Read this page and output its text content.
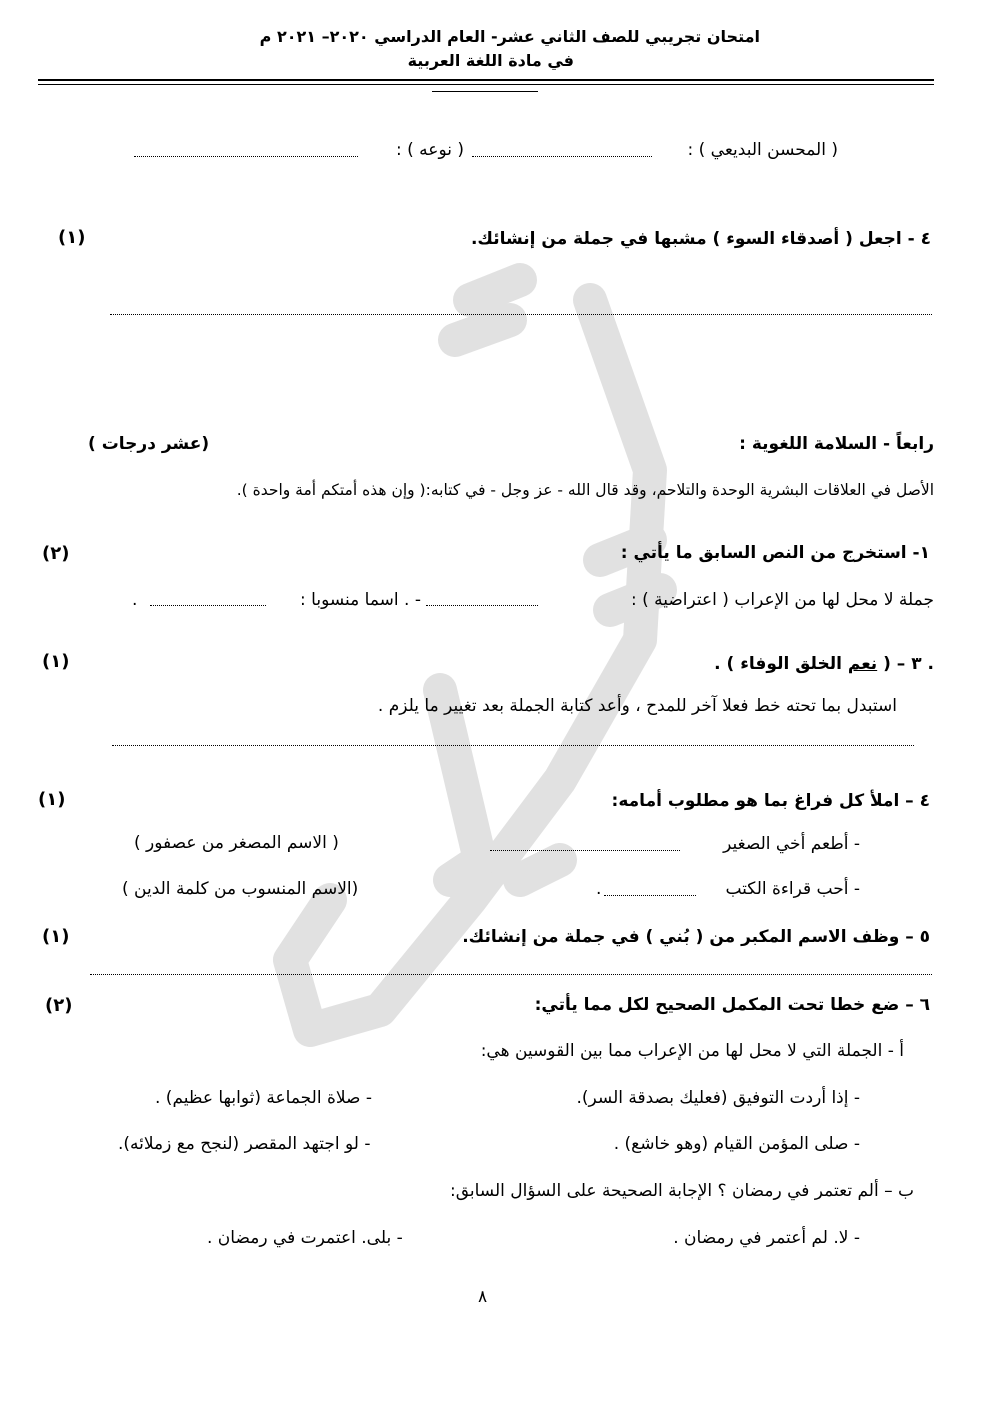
امتحان تجريبي للصف الثاني عشر- العام الدراسي ٢٠٢٠– ٢٠٢١ م
في مادة اللغة العربية
( المحسن البديعي ) :
( نوعه ) :
٤ - اجعل ( أصدقاء السوء ) مشبها في جملة من إنشائك.
(١)
رابعاً - السلامة اللغوية :
(عشر درجات )
الأصل في العلاقات البشرية الوحدة والتلاحم، وقد قال الله - عز وجل - في كتابه:( وإن هذه أمتكم أمة واحدة ).
١- استخرج من النص السابق ما يأتي :
(٢)
جملة لا محل لها من الإعراب ( اعتراضية ) :
- . اسما منسوبا :
.
. ٣ – ( نعم الخلق الوفاء ) .
(١)
استبدل بما تحته خط فعلا آخر للمدح ، وأعد كتابة الجملة بعد تغيير ما يلزم .
٤ – املأ كل فراغ بما هو مطلوب أمامه:
(١)
- أطعم أخي الصغير
( الاسم المصغر من عصفور )
- أحب قراءة الكتب
.
(الاسم المنسوب من كلمة الدين )
٥ – وظف الاسم المكبر من ( بُني ) في جملة من إنشائك.
(١)
٦ – ضع خطا تحت المكمل الصحيح لكل مما يأتي:
(٢)
أ - الجملة التي لا محل لها من الإعراب مما بين القوسين هي:
- إذا أردت التوفيق (فعليك بصدقة السر).
- صلاة الجماعة (ثوابها عظيم) .
- صلى المؤمن القيام (وهو خاشع) .
- لو اجتهد المقصر (لنجح مع زملائه).
ب – ألم تعتمر في رمضان ؟ الإجابة الصحيحة على السؤال السابق:
- لا. لم أعتمر في رمضان .
- بلى. اعتمرت في رمضان .
٨
